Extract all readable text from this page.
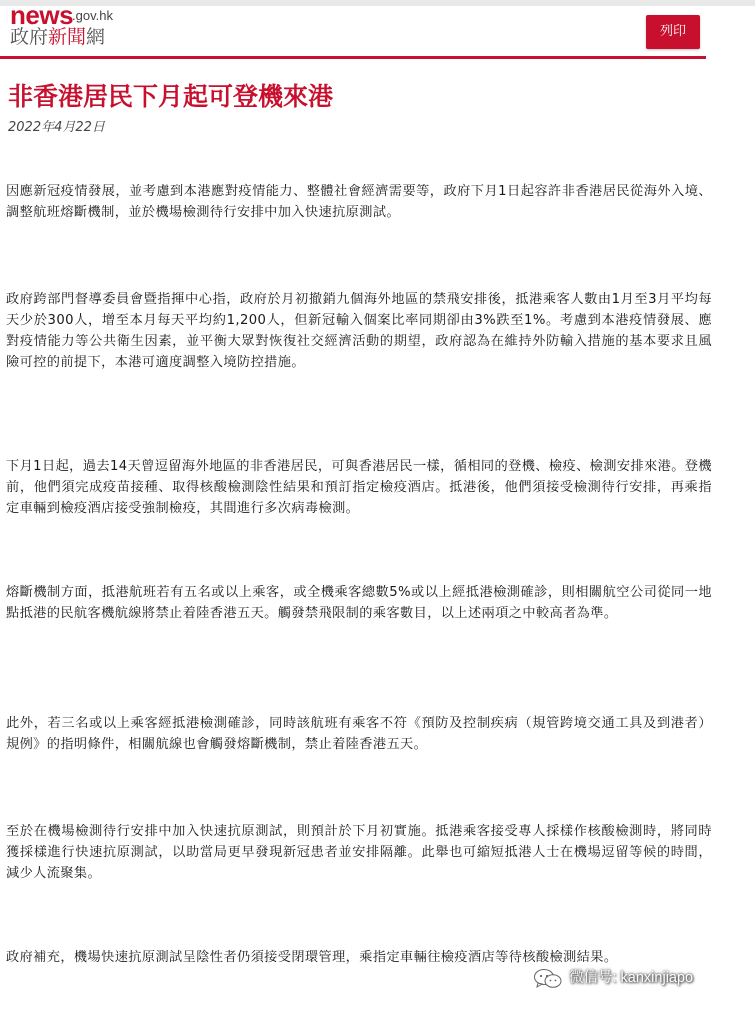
news
.gov.hk
政府新聞網	列印
非香港居民下月起可登機來港
2022年4月22日

因應新冠疫情發展，並考慮到本港應對疫情能力、整體社會經濟需要等，政府下月1日起容許非香港居民從海外入境、調整航班熔斷機制，並於機場檢測待行安排中加入快速抗原測試。

政府跨部門督導委員會暨指揮中心指，政府於月初撤銷九個海外地區的禁飛安排後，抵港乘客人數由1月至3月平均每天少於300人，增至本月每天平均約1,200人，但新冠輸入個案比率同期卻由3%跌至1%。考慮到本港疫情發展、應對疫情能力等公共衛生因素，並平衡大眾對恢復社交經濟活動的期望，政府認為在維持外防輸入措施的基本要求且風險可控的前提下，本港可適度調整入境防控措施。

下月1日起，過去14天曾逗留海外地區的非香港居民，可與香港居民一樣，循相同的登機、檢疫、檢測安排來港。登機前，他們須完成疫苗接種、取得核酸檢測陰性結果和預訂指定檢疫酒店。抵港後，他們須接受檢測待行安排，再乘指定車輛到檢疫酒店接受強制檢疫，其間進行多次病毒檢測。

熔斷機制方面，抵港航班若有五名或以上乘客，或全機乘客總數5%或以上經抵港檢測確診，則相關航空公司從同一地點抵港的民航客機航線將禁止着陸香港五天。觸發禁飛限制的乘客數目，以上述兩項之中較高者為準。

此外，若三名或以上乘客經抵港檢測確診，同時該航班有乘客不符《預防及控制疾病（規管跨境交通工具及到港者）規例》的指明條件，相關航線也會觸發熔斷機制，禁止着陸香港五天。

至於在機場檢測待行安排中加入快速抗原測試，則預計於下月初實施。抵港乘客接受專人採樣作核酸檢測時，將同時獲採樣進行快速抗原測試，以助當局更早發現新冠患者並安排隔離。此舉也可縮短抵港人士在機場逗留等候的時間，減少人流聚集。

政府補充，機場快速抗原測試呈陰性者仍須接受閉環管理，乘指定車輛往檢疫酒店等待核酸檢測結果。

微信号: kanxinjiapo
